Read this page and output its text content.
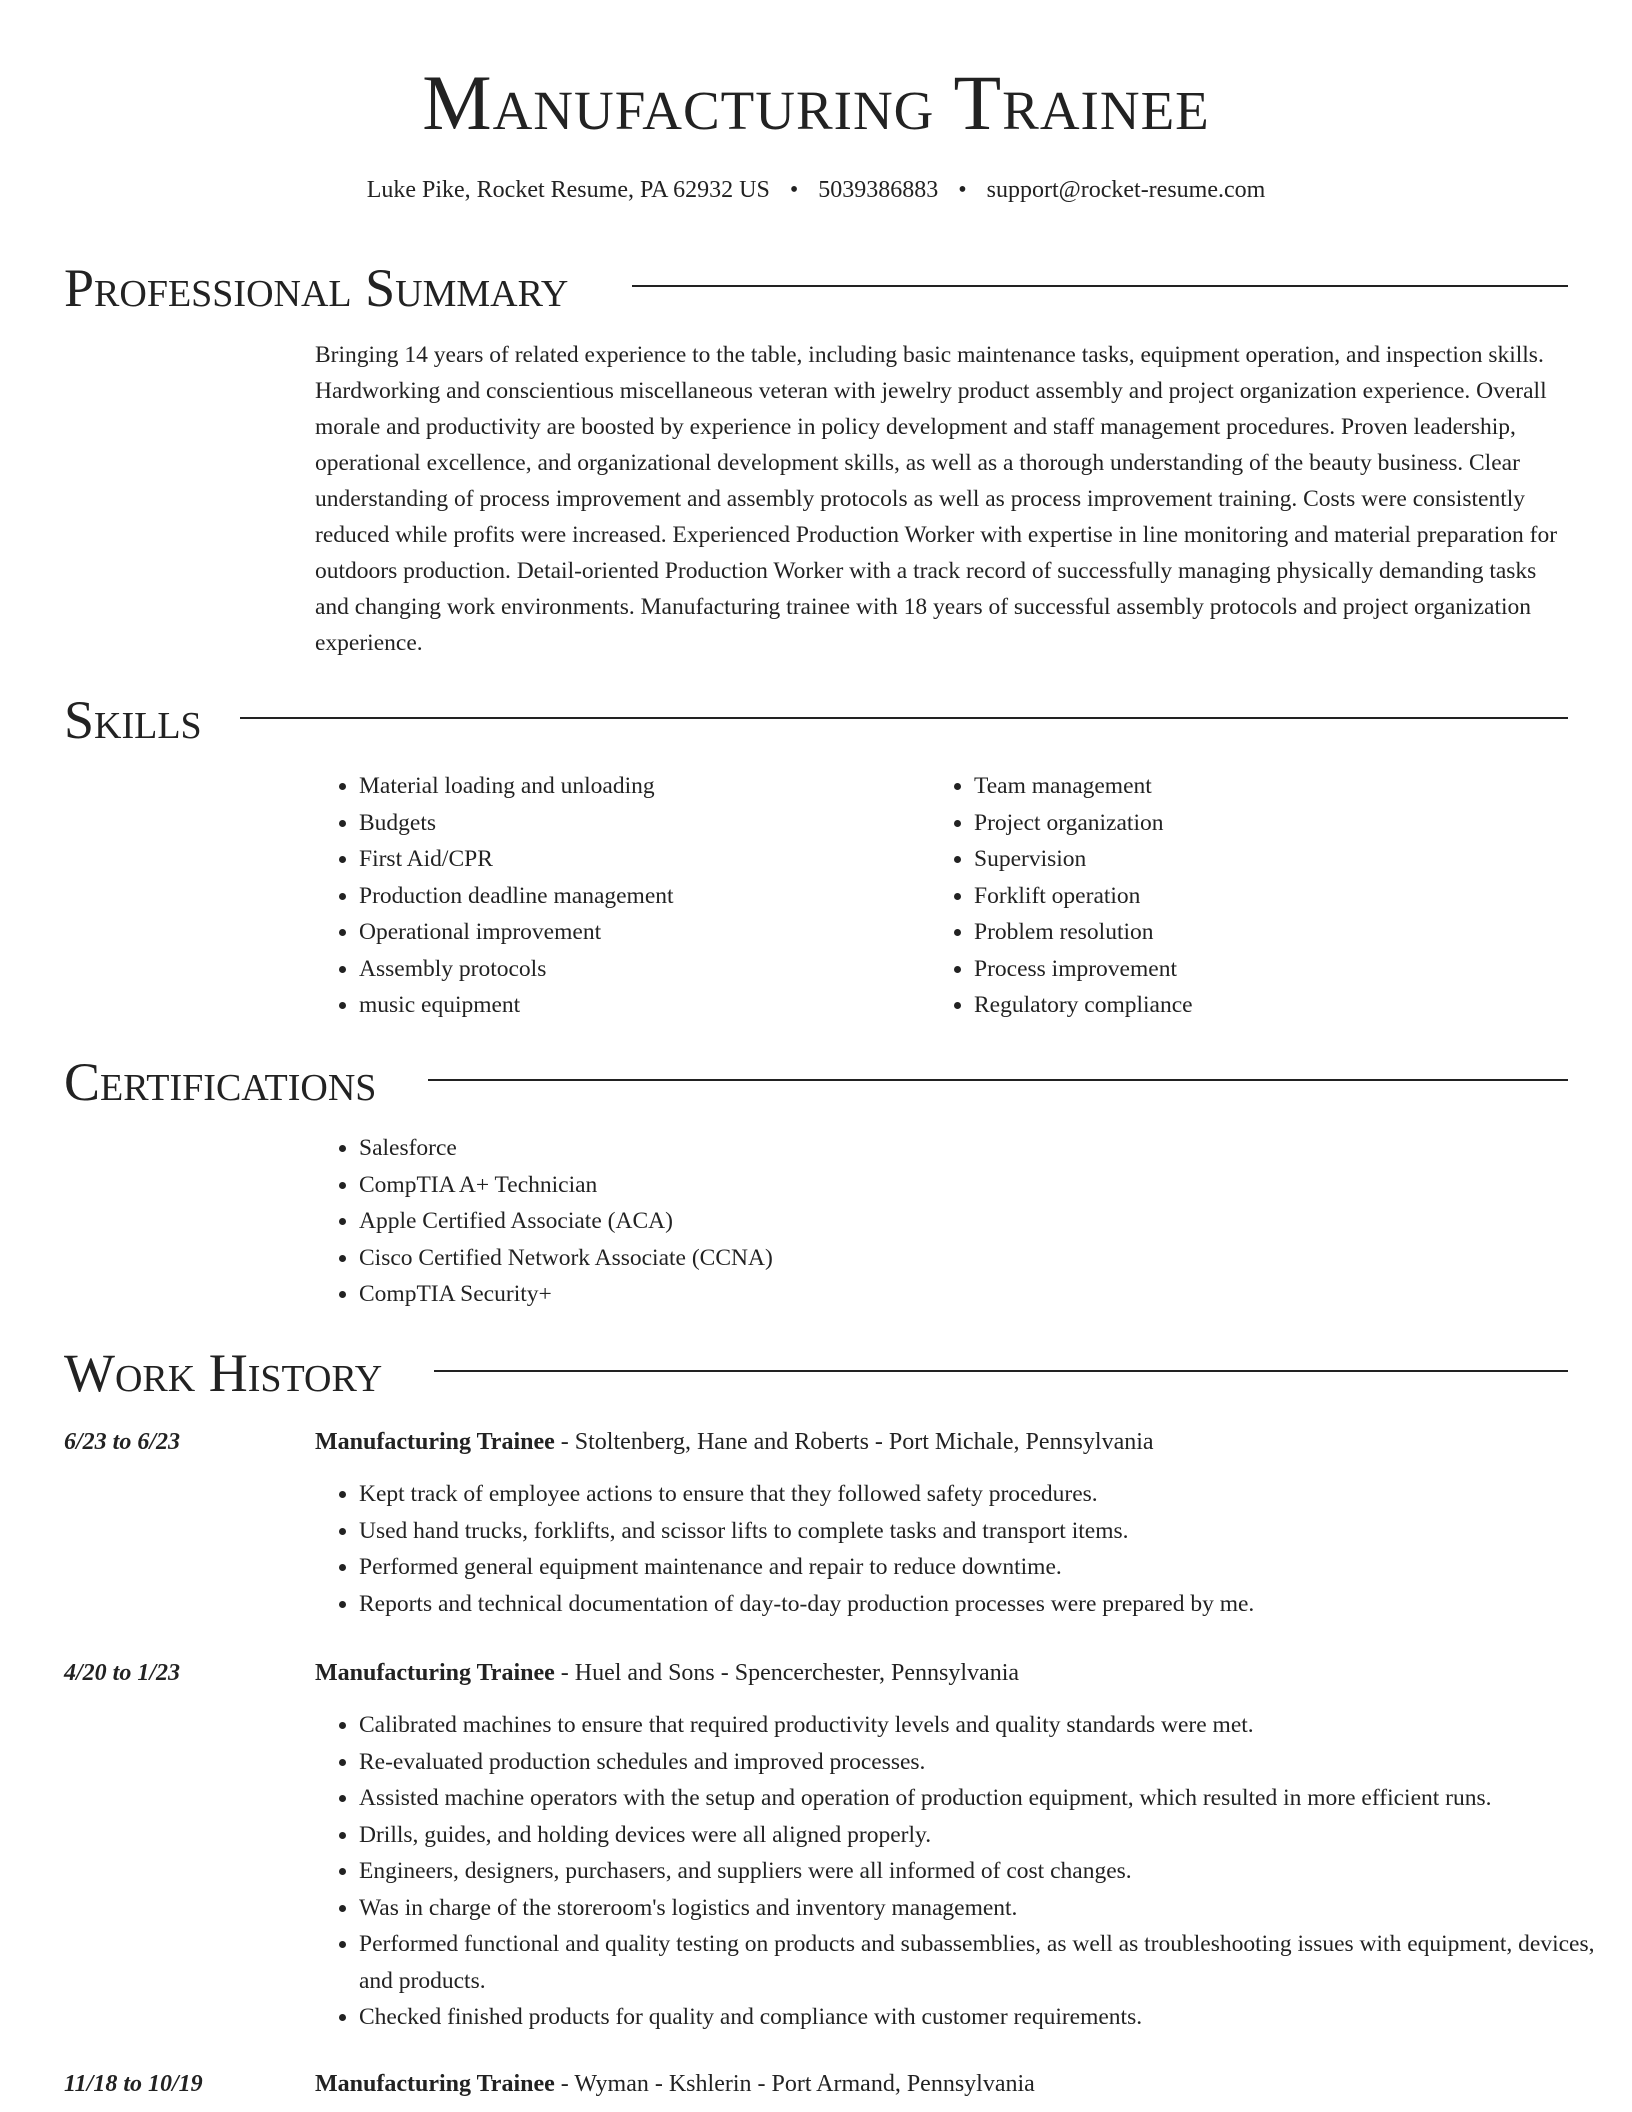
Manufacturing Trainee
Luke Pike, Rocket Resume, PA 62932 US • 5039386883 • support@rocket-resume.com
Professional Summary

Bringing 14 years of related experience to the table, including basic maintenance tasks, equipment operation, and inspection skills. Hardworking and conscientious miscellaneous veteran with jewelry product assembly and project organization experience. Overall morale and productivity are boosted by experience in policy development and staff management procedures. Proven leadership, operational excellence, and organizational development skills, as well as a thorough understanding of the beauty business. Clear understanding of process improvement and assembly protocols as well as process improvement training. Costs were consistently reduced while profits were increased. Experienced Production Worker with expertise in line monitoring and material preparation for outdoors production. Detail-oriented Production Worker with a track record of successfully managing physically demanding tasks and changing work environments. Manufacturing trainee with 18 years of successful assembly protocols and project organization experience.

Skills
• Material loading and unloading
• Budgets
• First Aid/CPR
• Production deadline management
• Operational improvement
• Assembly protocols
• music equipment
• Team management
• Project organization
• Supervision
• Forklift operation
• Problem resolution
• Process improvement
• Regulatory compliance
Certifications
• Salesforce
• CompTIA A+ Technician
• Apple Certified Associate (ACA)
• Cisco Certified Network Associate (CCNA)
• CompTIA Security+
Work History
6/23 to 6/23	Manufacturing Trainee - Stoltenberg, Hane and Roberts - Port Michale, Pennsylvania
• Kept track of employee actions to ensure that they followed safety procedures.
• Used hand trucks, forklifts, and scissor lifts to complete tasks and transport items.
• Performed general equipment maintenance and repair to reduce downtime.
• Reports and technical documentation of day-to-day production processes were prepared by me.
4/20 to 1/23	Manufacturing Trainee - Huel and Sons - Spencerchester, Pennsylvania
• Calibrated machines to ensure that required productivity levels and quality standards were met.
• Re-evaluated production schedules and improved processes.
• Assisted machine operators with the setup and operation of production equipment, which resulted in more efficient runs.
• Drills, guides, and holding devices were all aligned properly.
• Engineers, designers, purchasers, and suppliers were all informed of cost changes.
• Was in charge of the storeroom's logistics and inventory management.
• Performed functional and quality testing on products and subassemblies, as well as troubleshooting issues with equipment, devices, and products.
• Checked finished products for quality and compliance with customer requirements.
11/18 to 10/19	Manufacturing Trainee - Wyman - Kshlerin - Port Armand, Pennsylvania
